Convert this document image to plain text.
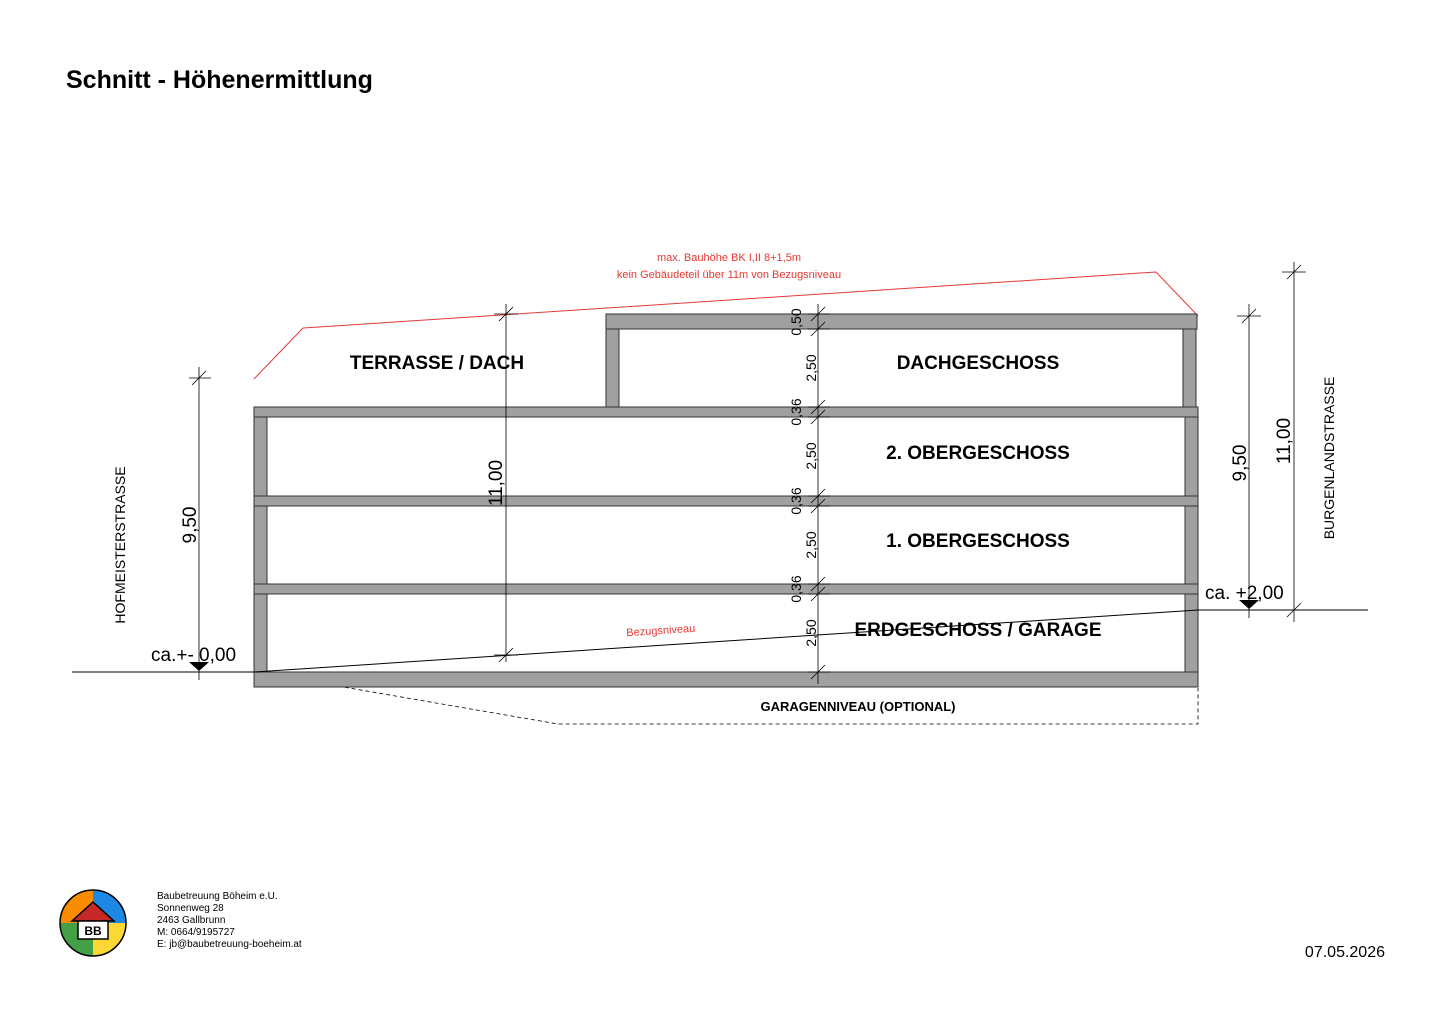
Schnitt - Höhenermittlung
max. Bauhöhe BK I,II 8+1,5m
kein Gebäudeteil über 11m von Bezugsniveau
TERRASSE / DACH	DACHGESCHOSS
2. OBERGESCHOSS
1. OBERGESCHOSS
ERDGESCHOSS / GARAGE
GARAGENNIVEAU (OPTIONAL)
Bezugsniveau
ca.+- 0,00
ca. +2,00
9,50
11,00
0,50
2,50
0,36
2,50
0,36
2,50
0,36
2,50
9,50 11,00
HOFMEISTERSTRASSE
BURGENLANDSTRASSE
BB
Baubetreuung Böheim e.U.
Sonnenweg 28
2463 Gallbrunn
M: 0664/9195727
E: jb@baubetreuung-boeheim.at	07.05.2026
